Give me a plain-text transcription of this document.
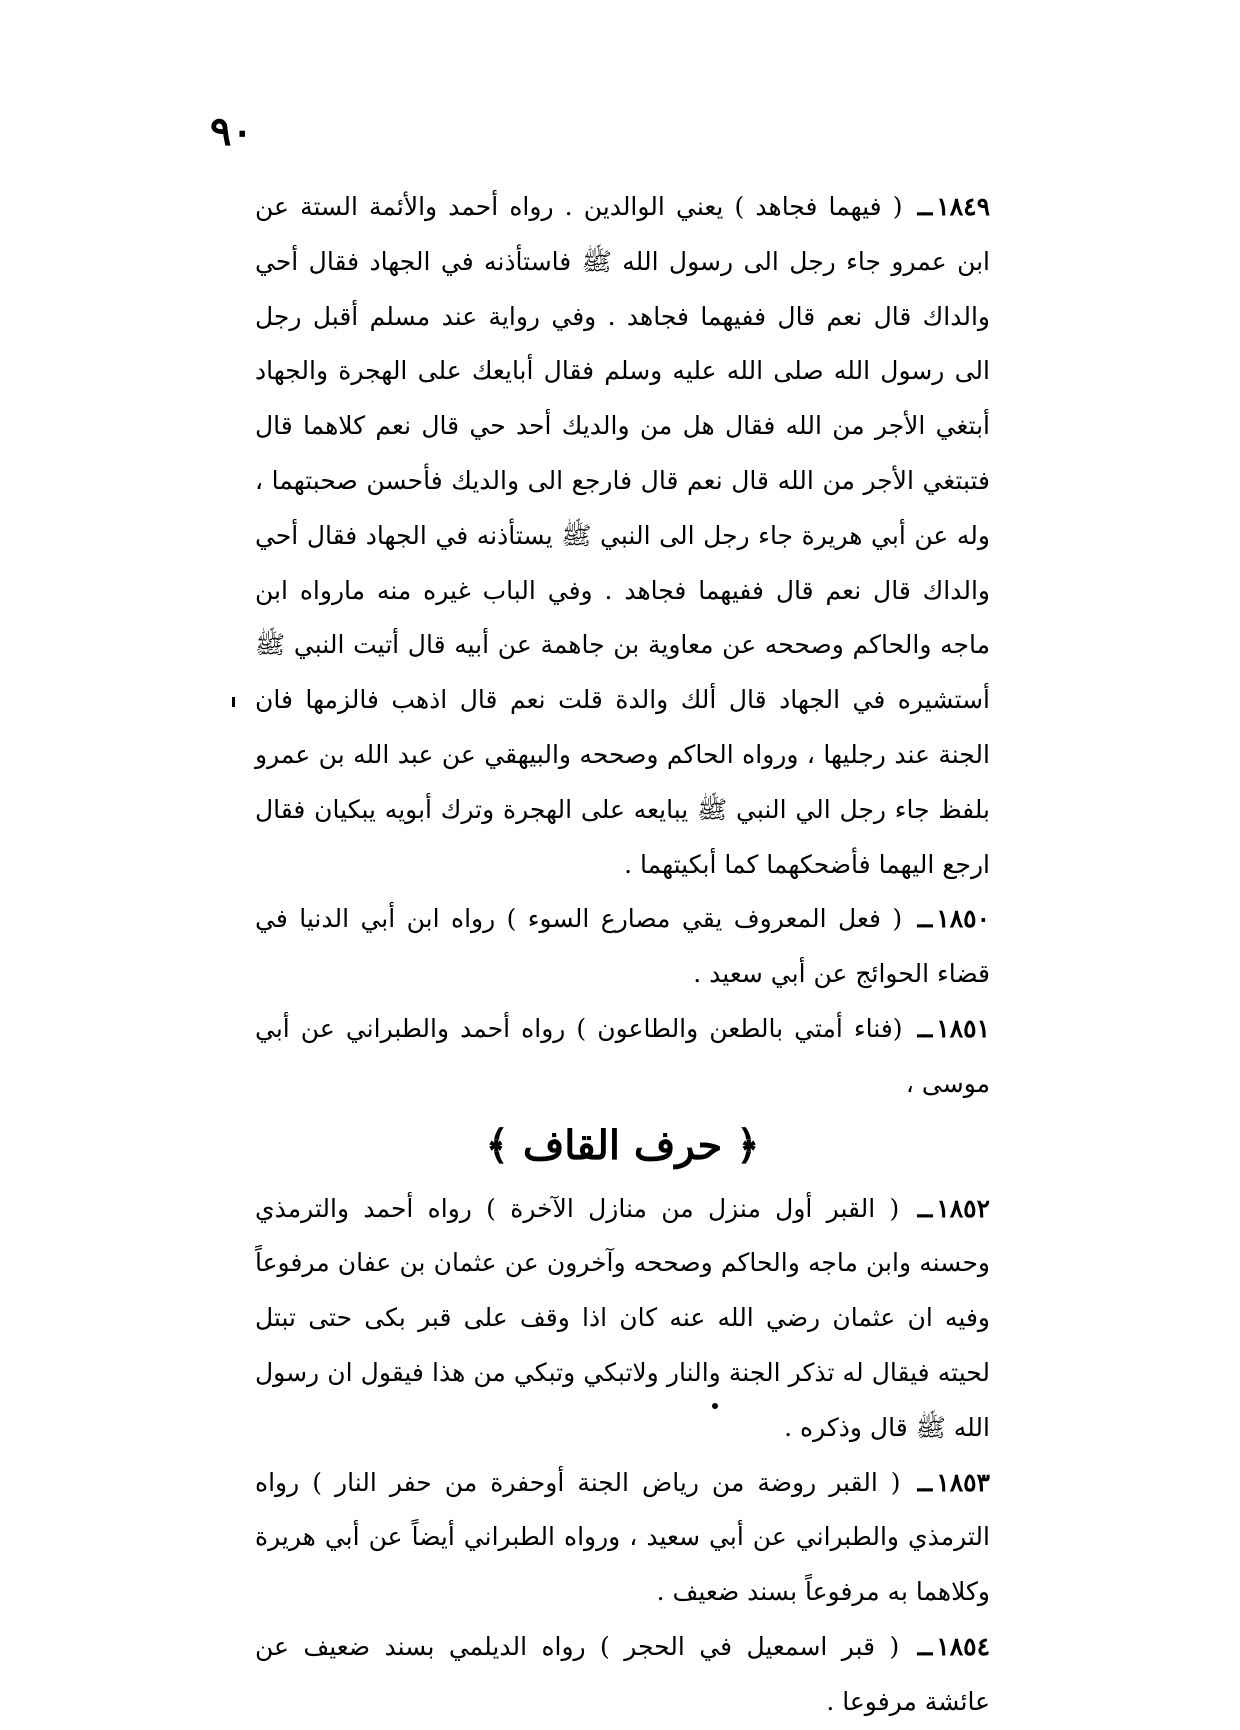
٩٠

١٨٤٩ــ ( فيهما فجاهد ) يعني الوالدين . رواه أحمد والأئمة الستة عن ابن عمرو جاء رجل الى رسول الله ﷺ فاستأذنه في الجهاد فقال أحي والداك قال نعم قال ففيهما فجاهد . وفي رواية عند مسلم أقبل رجل الى رسول الله صلى الله عليه وسلم فقال أبايعك على الهجرة والجهاد أبتغي الأجر من الله فقال هل من والديك أحد حي قال نعم كلاهما قال فتبتغي الأجر من الله قال نعم قال فارجع الى والديك فأحسن صحبتهما ، وله عن أبي هريرة جاء رجل الى النبي ﷺ يستأذنه في الجهاد فقال أحي والداك قال نعم قال ففيهما فجاهد . وفي الباب غيره منه مارواه ابن ماجه والحاكم وصححه عن معاوية بن جاهمة عن أبيه قال أتيت النبي ﷺ أستشيره في الجهاد قال ألك والدة قلت نعم قال اذهب فالزمها فان الجنة عند رجليها ، ورواه الحاكم وصححه والبيهقي عن عبد الله بن عمرو بلفظ جاء رجل الي النبي ﷺ يبايعه على الهجرة وترك أبويه يبكيان فقال ارجع اليهما فأضحكهما كما أبكيتهما .

١٨٥٠ــ ( فعل المعروف يقي مصارع السوء ) رواه ابن أبي الدنيا في قضاء الحوائج عن أبي سعيد .

١٨٥١ــ (فناء أمتي بالطعن والطاعون ) رواه أحمد والطبراني عن أبي موسى ،

﴿ حرف القاف ﴾

١٨٥٢ــ ( القبر أول منزل من منازل الآخرة ) رواه أحمد والترمذي وحسنه وابن ماجه والحاكم وصححه وآخرون عن عثمان بن عفان مرفوعاً وفيه ان عثمان رضي الله عنه كان اذا وقف على قبر بكى حتى تبتل لحيته فيقال له تذكر الجنة والنار ولاتبكي وتبكي من هذا فيقول ان رسول الله ﷺ قال وذكره .

١٨٥٣ــ ( القبر روضة من رياض الجنة أوحفرة من حفر النار ) رواه الترمذي والطبراني عن أبي سعيد ، ورواه الطبراني أيضاً عن أبي هريرة وكلاهما به مرفوعاً بسند ضعيف .

١٨٥٤ــ ( قبر اسمعيل في الحجر ) رواه الديلمي بسند ضعيف عن عائشة مرفوعا .
